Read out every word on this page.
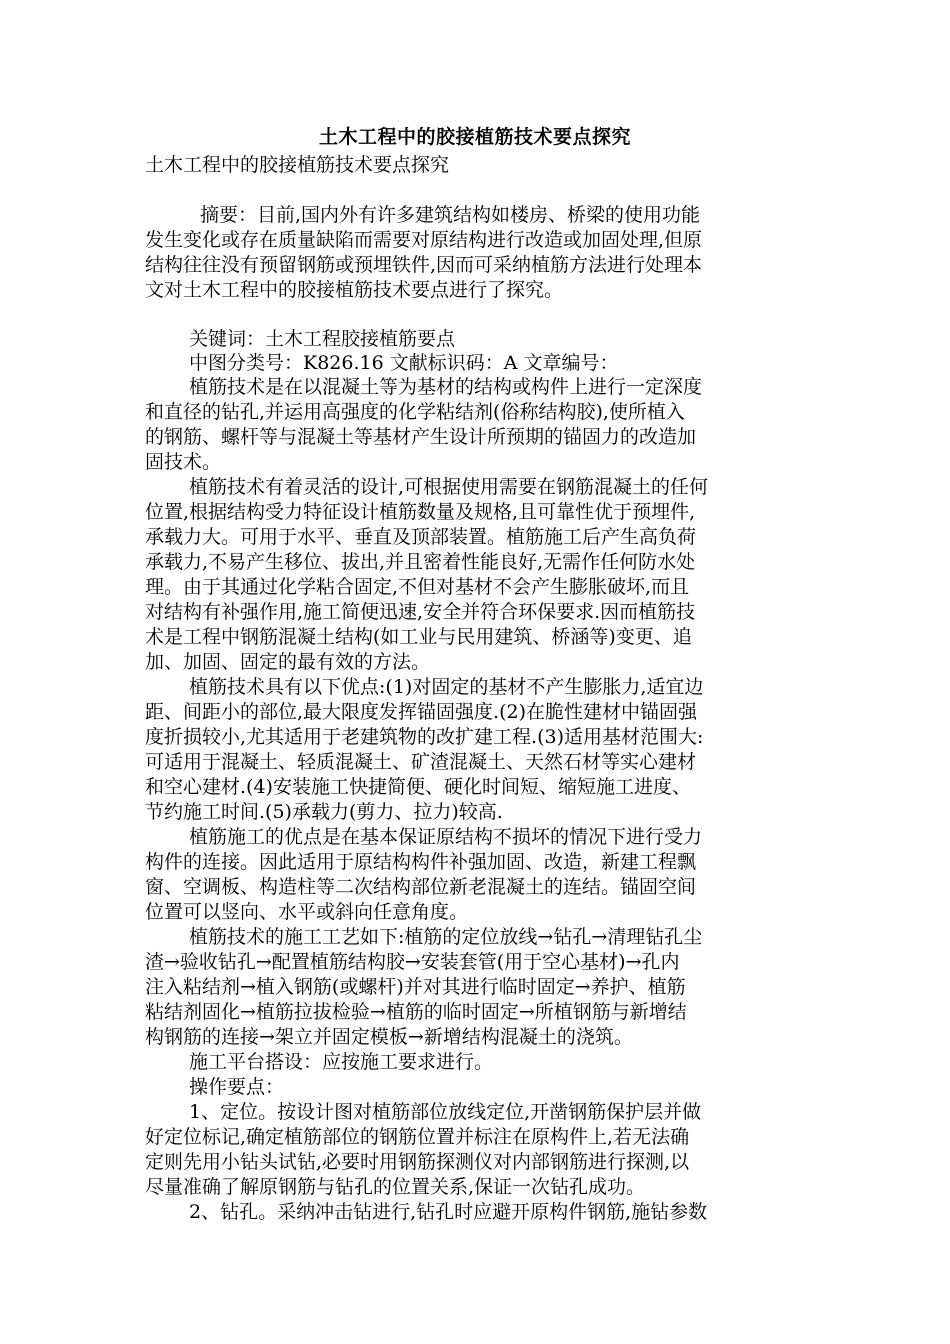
土木工程中的胶接植筋技术要点探究
土木工程中的胶接植筋技术要点探究
摘要：目前,国内外有许多建筑结构如楼房、桥梁的使用功能
发生变化或存在质量缺陷而需要对原结构进行改造或加固处理,但原
结构往往没有预留钢筋或预埋铁件,因而可采纳植筋方法进行处理本
文对土木工程中的胶接植筋技术要点进行了探究。
关键词：土木工程胶接植筋要点
中图分类号：K826.16 文献标识码：A 文章编号：
植筋技术是在以混凝土等为基材的结构或构件上进行一定深度
和直径的钻孔,并运用高强度的化学粘结剂(俗称结构胶),使所植入
的钢筋、螺杆等与混凝土等基材产生设计所预期的锚固力的改造加
固技术。
植筋技术有着灵活的设计,可根据使用需要在钢筋混凝土的任何
位置,根据结构受力特征设计植筋数量及规格,且可靠性优于预埋件,
承载力大。可用于水平、垂直及顶部装置。植筋施工后产生高负荷
承载力,不易产生移位、拔出,并且密着性能良好,无需作任何防水处
理。由于其通过化学粘合固定,不但对基材不会产生膨胀破坏,而且
对结构有补强作用,施工简便迅速,安全并符合环保要求.因而植筋技
术是工程中钢筋混凝土结构(如工业与民用建筑、桥涵等)变更、追
加、加固、固定的最有效的方法。
植筋技术具有以下优点:(1)对固定的基材不产生膨胀力,适宜边
距、间距小的部位,最大限度发挥锚固强度.(2)在脆性建材中锚固强
度折损较小,尤其适用于老建筑物的改扩建工程.(3)适用基材范围大:
可适用于混凝土、轻质混凝土、矿渣混凝土、天然石材等实心建材
和空心建材.(4)安装施工快捷简便、硬化时间短、缩短施工进度、
节约施工时间.(5)承载力(剪力、拉力)较高.
植筋施工的优点是在基本保证原结构不损坏的情况下进行受力
构件的连接。因此适用于原结构构件补强加固、改造，新建工程飘
窗、空调板、构造柱等二次结构部位新老混凝土的连结。锚固空间
位置可以竖向、水平或斜向任意角度。
植筋技术的施工工艺如下:植筋的定位放线→钻孔→清理钻孔尘
渣→验收钻孔→配置植筋结构胶→安装套管(用于空心基材)→孔内
注入粘结剂→植入钢筋(或螺杆)并对其进行临时固定→养护、植筋
粘结剂固化→植筋拉拔检验→植筋的临时固定→所植钢筋与新增结
构钢筋的连接→架立并固定模板→新增结构混凝土的浇筑。
施工平台搭设：应按施工要求进行。
操作要点：
1、定位。按设计图对植筋部位放线定位,开凿钢筋保护层并做
好定位标记,确定植筋部位的钢筋位置并标注在原构件上,若无法确
定则先用小钻头试钻,必要时用钢筋探测仪对内部钢筋进行探测,以
尽量准确了解原钢筋与钻孔的位置关系,保证一次钻孔成功。
2、钻孔。采纳冲击钻进行,钻孔时应避开原构件钢筋,施钻参数
